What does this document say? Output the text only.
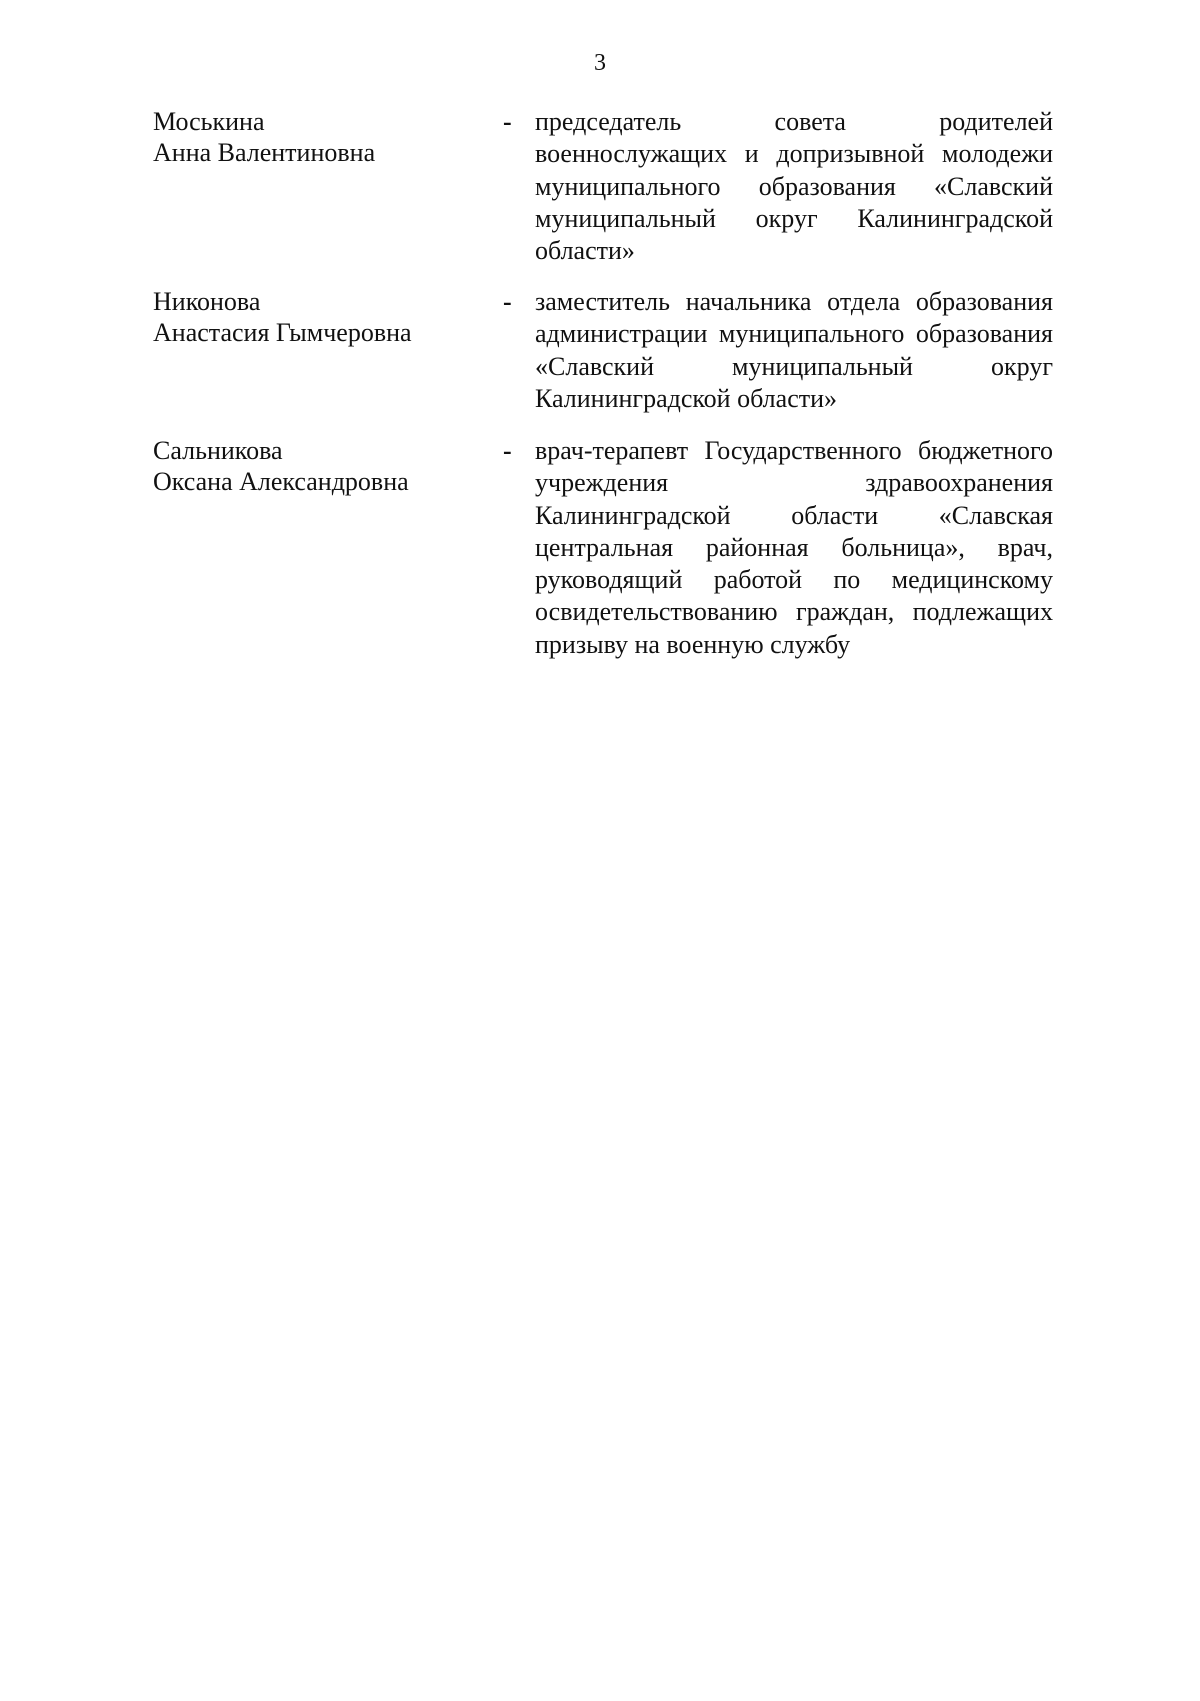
3
Моськина
Анна Валентиновна
- председатель совета родителей
военнослужащих и допризывной молодежи
муниципального образования «Славский
муниципальный округ Калининградской
области»
Никонова
Анастасия Гымчеровна
- заместитель начальника отдела образования
администрации муниципального образования
«Славский муниципальный округ
Калининградской области»
Сальникова
Оксана Александровна
- врач-терапевт Государственного бюджетного
учреждения здравоохранения
Калининградской области «Славская
центральная районная больница», врач,
руководящий работой по медицинскому
освидетельствованию граждан, подлежащих
призыву на военную службу
